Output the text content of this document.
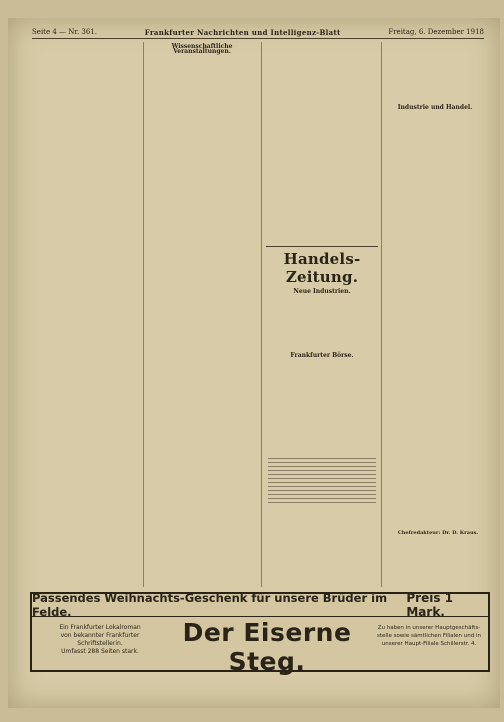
Seite 4 — Nr. 361.	Frankfurter Nachrichten und Intelligenz-Blatt	Freitag, 6. Dezember 1918
Wissenschaftliche Veranstaltungen.
Handels-Zeitung.
Neue Industrien.
Frankfurter Börse.
Industrie und Handel.
Chefredakteur: Dr. D. Kraus.
Passendes Weihnachts-Geschenk für unsere Brüder im Felde.
Preis 1 Mark.
Ein Frankfurter Lokalroman
von bekannter Frankfurter Schriftstellerin.
Umfasst 288 Seiten stark.
Der Eiserne Steg.
Zu haben in unserer Hauptgeschäfts-
stelle sowie sämtlichen Filialen und in
unserer Haupt-Filiale Schillerstr. 4.
